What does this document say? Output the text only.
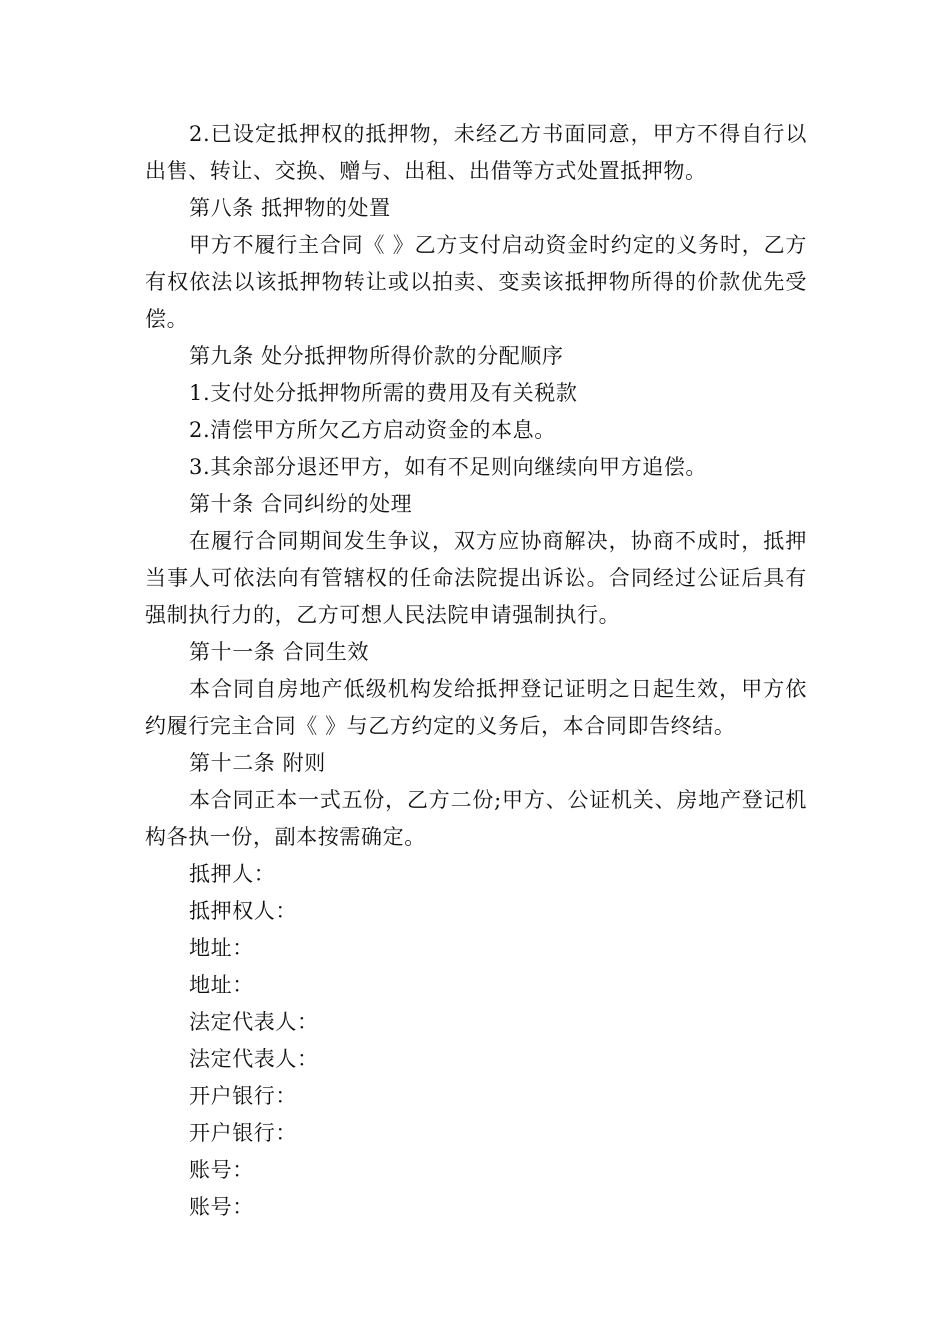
2.已设定抵押权的抵押物，未经乙方书面同意，甲方不得自行以出售、转让、交换、赠与、出租、出借等方式处置抵押物。

第八条 抵押物的处置

甲方不履行主合同《 》乙方支付启动资金时约定的义务时，乙方有权依法以该抵押物转让或以拍卖、变卖该抵押物所得的价款优先受偿。

第九条 处分抵押物所得价款的分配顺序

1.支付处分抵押物所需的费用及有关税款

2.清偿甲方所欠乙方启动资金的本息。

3.其余部分退还甲方，如有不足则向继续向甲方追偿。

第十条 合同纠纷的处理

在履行合同期间发生争议，双方应协商解决，协商不成时，抵押当事人可依法向有管辖权的任命法院提出诉讼。合同经过公证后具有强制执行力的，乙方可想人民法院申请强制执行。

第十一条 合同生效

本合同自房地产低级机构发给抵押登记证明之日起生效，甲方依约履行完主合同《 》与乙方约定的义务后，本合同即告终结。

第十二条 附则

本合同正本一式五份，乙方二份;甲方、公证机关、房地产登记机构各执一份，副本按需确定。

抵押人：

抵押权人：

地址：

地址：

法定代表人：

法定代表人：

开户银行：

开户银行：

账号：

账号：
